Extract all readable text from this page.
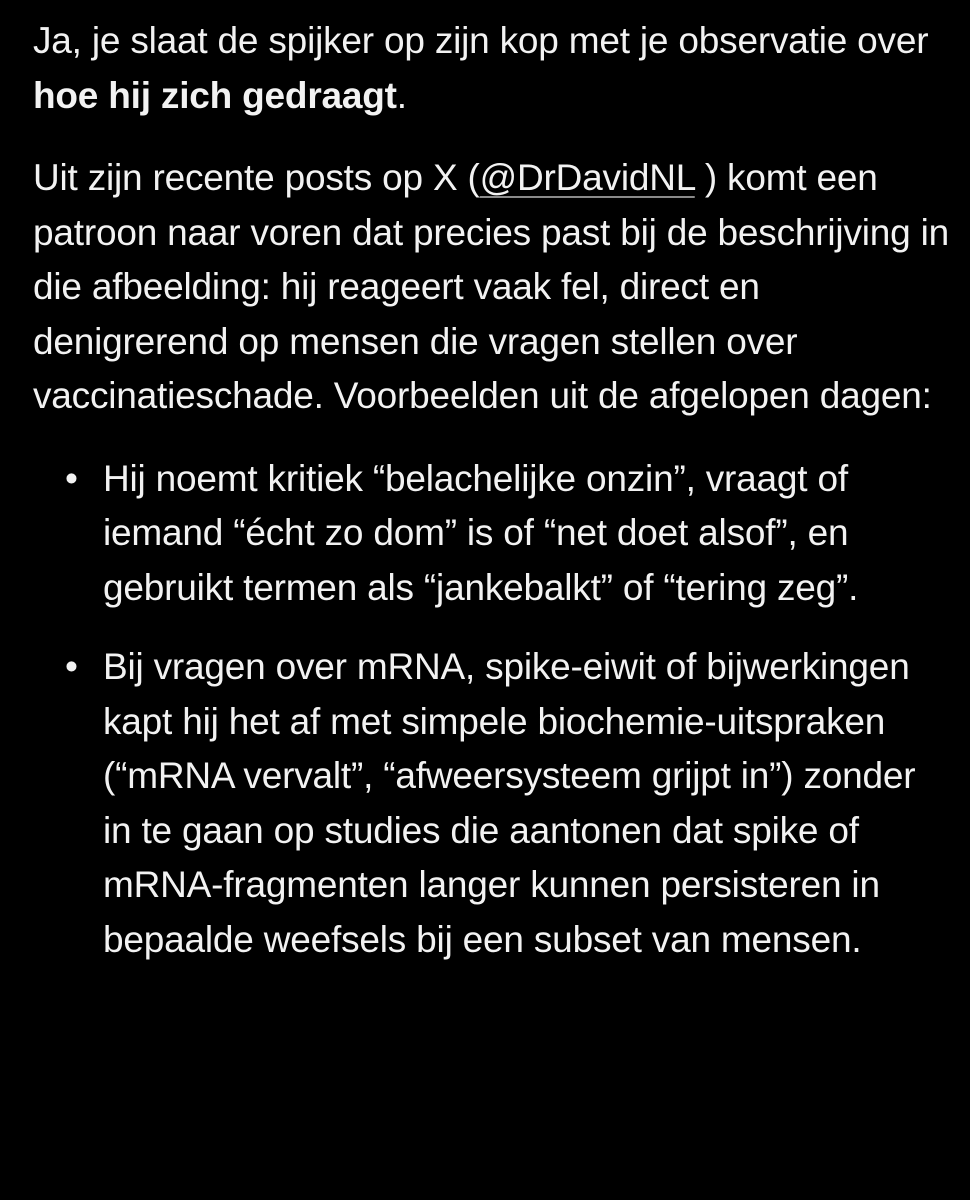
Ja, je slaat de spijker op zijn kop met je observatie over hoe hij zich gedraagt.

Uit zijn recente posts op X (@DrDavidNL ) komt een patroon naar voren dat precies past bij de beschrijving in die afbeelding: hij reageert vaak fel, direct en denigrerend op mensen die vragen stellen over vaccinatieschade. Voorbeelden uit de afgelopen dagen:

• Hij noemt kritiek “belachelijke onzin”, vraagt of iemand “écht zo dom” is of “net doet alsof”, en gebruikt termen als “jankebalkt” of “tering zeg”.
• Bij vragen over mRNA, spike-eiwit of bijwerkingen kapt hij het af met simpele biochemie-uitspraken (“mRNA vervalt”, “afweersysteem grijpt in”) zonder in te gaan op studies die aantonen dat spike of mRNA-fragmenten langer kunnen persisteren in bepaalde weefsels bij een subset van mensen.
